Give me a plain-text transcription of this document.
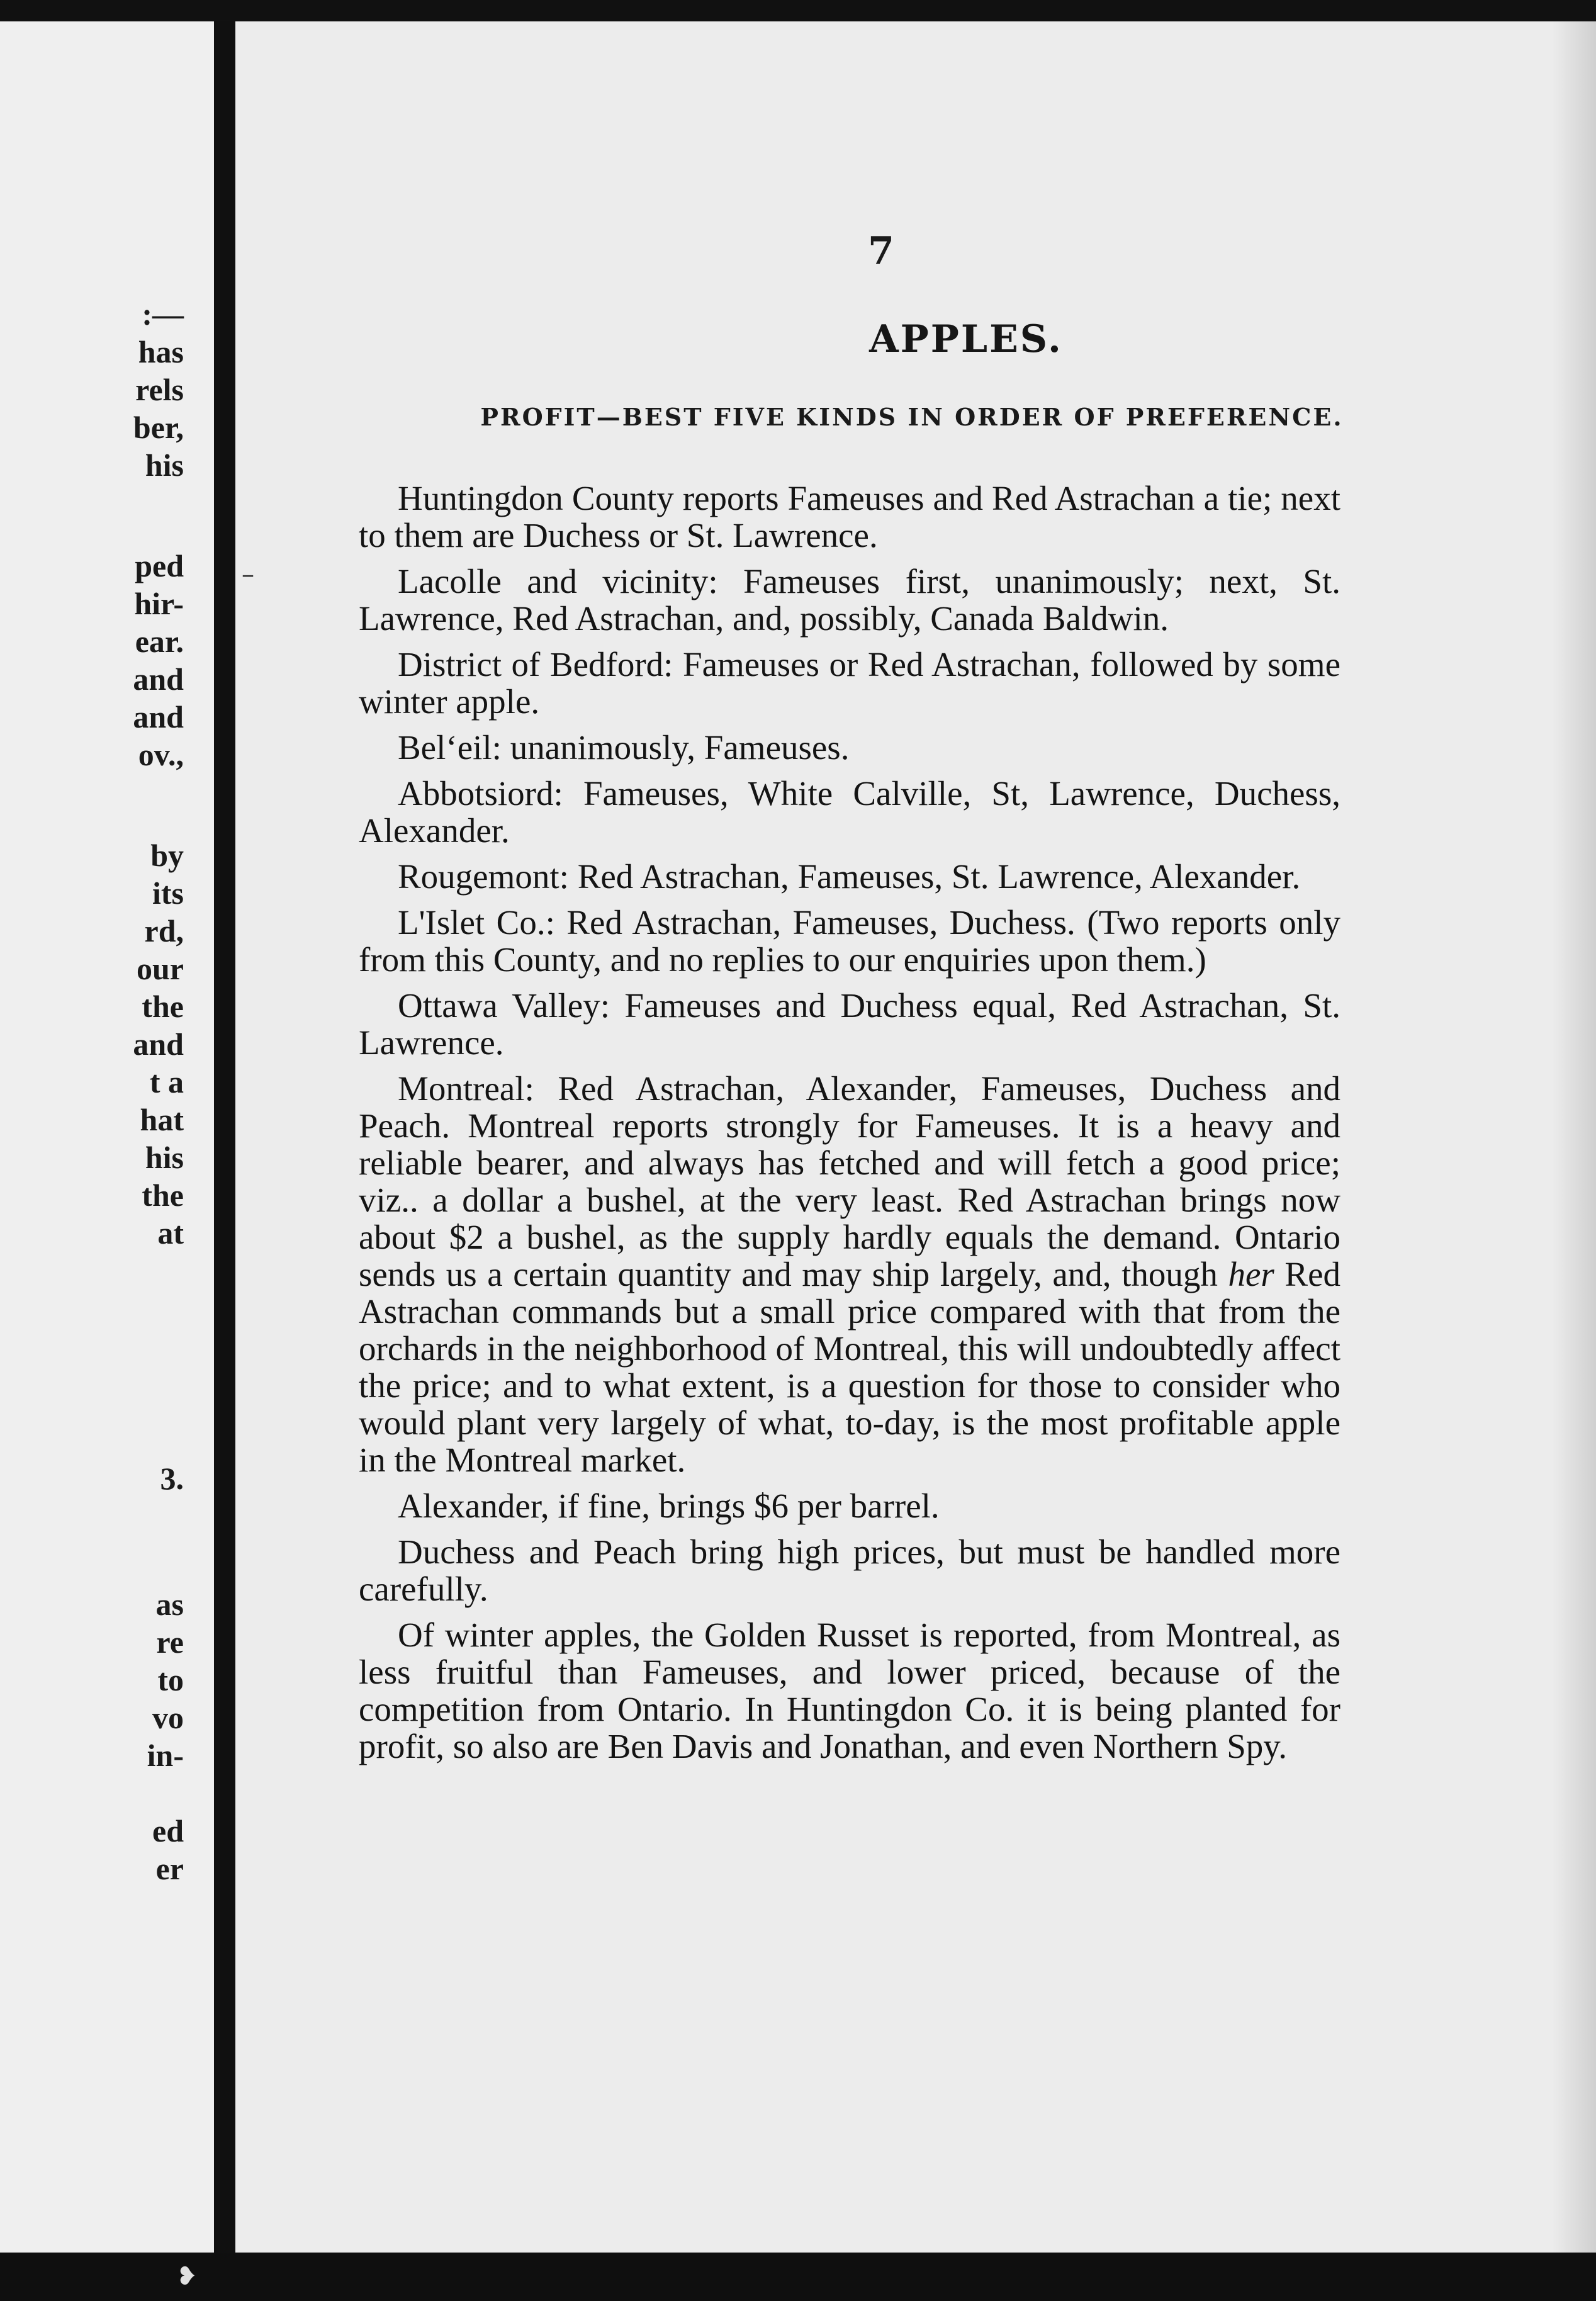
:—

has

rels

ber,

his

ped

hir-

ear.

and

and

ov.,

by

its

rd,

our

the

and

t a

hat

his

the

at

3.

as

re

to

vo

in-

ed

er

–

7

APPLES.
PROFIT—BEST FIVE KINDS IN ORDER OF PREFERENCE.

Huntingdon County reports Fameuses and Red Astrachan a tie; next to them are Duchess or St. Lawrence.

Lacolle and vicinity: Fameuses first, unanimously; next, St. Lawrence, Red Astrachan, and, possibly, Canada Baldwin.

District of Bedford: Fameuses or Red Astrachan, followed by some winter apple.

Bel‘eil: unanimously, Fameuses.

Abbotsiord: Fameuses, White Calville, St, Lawrence, Duchess, Alexander.

Rougemont: Red Astrachan, Fameuses, St. Lawrence, Alexander.

L'Islet Co.: Red Astrachan, Fameuses, Duchess. (Two reports only from this County, and no replies to our enquiries upon them.)

Ottawa Valley: Fameuses and Duchess equal, Red Astrachan, St. Lawrence.

Montreal: Red Astrachan, Alexander, Fameuses, Duchess and Peach. Montreal reports strongly for Fameuses. It is a heavy and reliable bearer, and always has fetched and will fetch a good price; viz.. a dollar a bushel, at the very least. Red Astrachan brings now about $2 a bushel, as the supply hardly equals the demand. Ontario sends us a certain quantity and may ship largely, and, though her Red Astrachan commands but a small price compared with that from the orchards in the neighborhood of Montreal, this will undoubtedly affect the price; and to what extent, is a question for those to consider who would plant very largely of what, to-day, is the most profitable apple in the Montreal market.

Alexander, if fine, brings $6 per barrel.

Duchess and Peach bring high prices, but must be handled more carefully.

Of winter apples, the Golden Russet is reported, from Montreal, as less fruitful than Fameuses, and lower priced, because of the competition from Ontario. In Huntingdon Co. it is being planted for profit, so also are Ben Davis and Jonathan, and even Northern Spy.

❥
